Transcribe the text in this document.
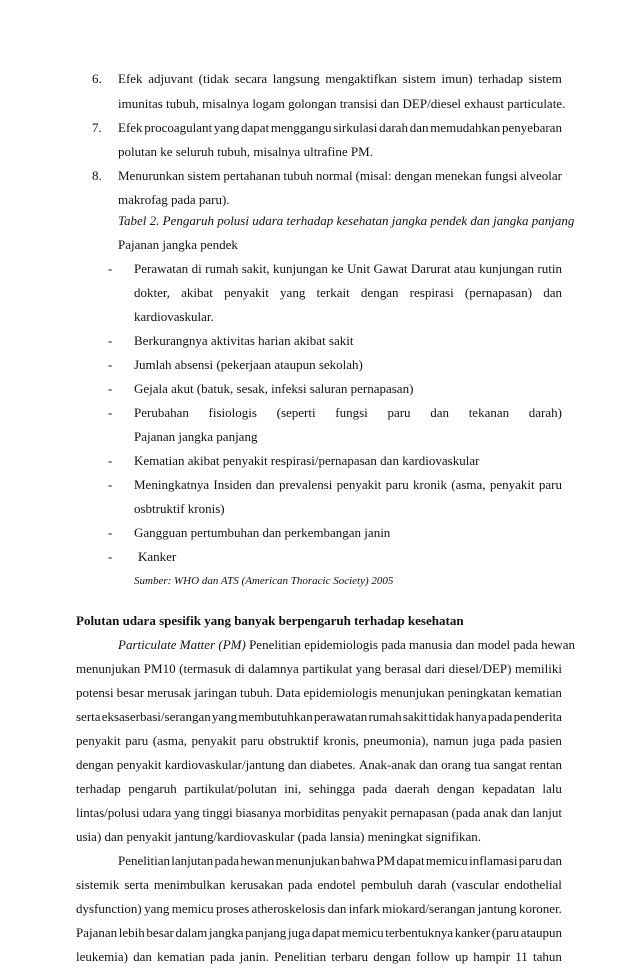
6. Efek adjuvant (tidak secara langsung mengaktifkan sistem imun) terhadap sistem
imunitas tubuh, misalnya logam golongan transisi dan DEP/diesel exhaust particulate.
7. Efek procoagulant yang dapat menggangu sirkulasi darah dan memudahkan penyebaran
polutan ke seluruh tubuh, misalnya ultrafine PM.
8. Menurunkan sistem pertahanan tubuh normal (misal: dengan menekan fungsi alveolar
makrofag pada paru).
Tabel 2. Pengaruh polusi udara terhadap kesehatan jangka pendek dan jangka panjang
Pajanan jangka pendek
- Perawatan di rumah sakit, kunjungan ke Unit Gawat Darurat atau kunjungan rutin
dokter, akibat penyakit yang terkait dengan respirasi (pernapasan) dan
kardiovaskular.
- Berkurangnya aktivitas harian akibat sakit
- Jumlah absensi (pekerjaan ataupun sekolah)
- Gejala akut (batuk, sesak, infeksi saluran pernapasan)
- Perubahan fisiologis (seperti fungsi paru dan tekanan darah)
Pajanan jangka panjang
- Kematian akibat penyakit respirasi/pernapasan dan kardiovaskular
- Meningkatnya Insiden dan prevalensi penyakit paru kronik (asma, penyakit paru
osbtruktif kronis)
- Gangguan pertumbuhan dan perkembangan janin
- Kanker
Sumber: WHO dan ATS (American Thoracic Society) 2005
Polutan udara spesifik yang banyak berpengaruh terhadap kesehatan
Particulate Matter (PM) Penelitian epidemiologis pada manusia dan model pada hewan
menunjukan PM10 (termasuk di dalamnya partikulat yang berasal dari diesel/DEP) memiliki
potensi besar merusak jaringan tubuh. Data epidemiologis menunjukan peningkatan kematian
serta eksaserbasi/serangan yang membutuhkan perawatan rumah sakit tidak hanya pada penderita
penyakit paru (asma, penyakit paru obstruktif kronis, pneumonia), namun juga pada pasien
dengan penyakit kardiovaskular/jantung dan diabetes. Anak-anak dan orang tua sangat rentan
terhadap pengaruh partikulat/polutan ini, sehingga pada daerah dengan kepadatan lalu
lintas/polusi udara yang tinggi biasanya morbiditas penyakit pernapasan (pada anak dan lanjut
usia) dan penyakit jantung/kardiovaskular (pada lansia) meningkat signifikan.
Penelitian lanjutan pada hewan menunjukan bahwa PM dapat memicu inflamasi paru dan
sistemik serta menimbulkan kerusakan pada endotel pembuluh darah (vascular endothelial
dysfunction) yang memicu proses atheroskelosis dan infark miokard/serangan jantung koroner.
Pajanan lebih besar dalam jangka panjang juga dapat memicu terbentuknya kanker (paru ataupun
leukemia) dan kematian pada janin. Penelitian terbaru dengan follow up hampir 11 tahun
